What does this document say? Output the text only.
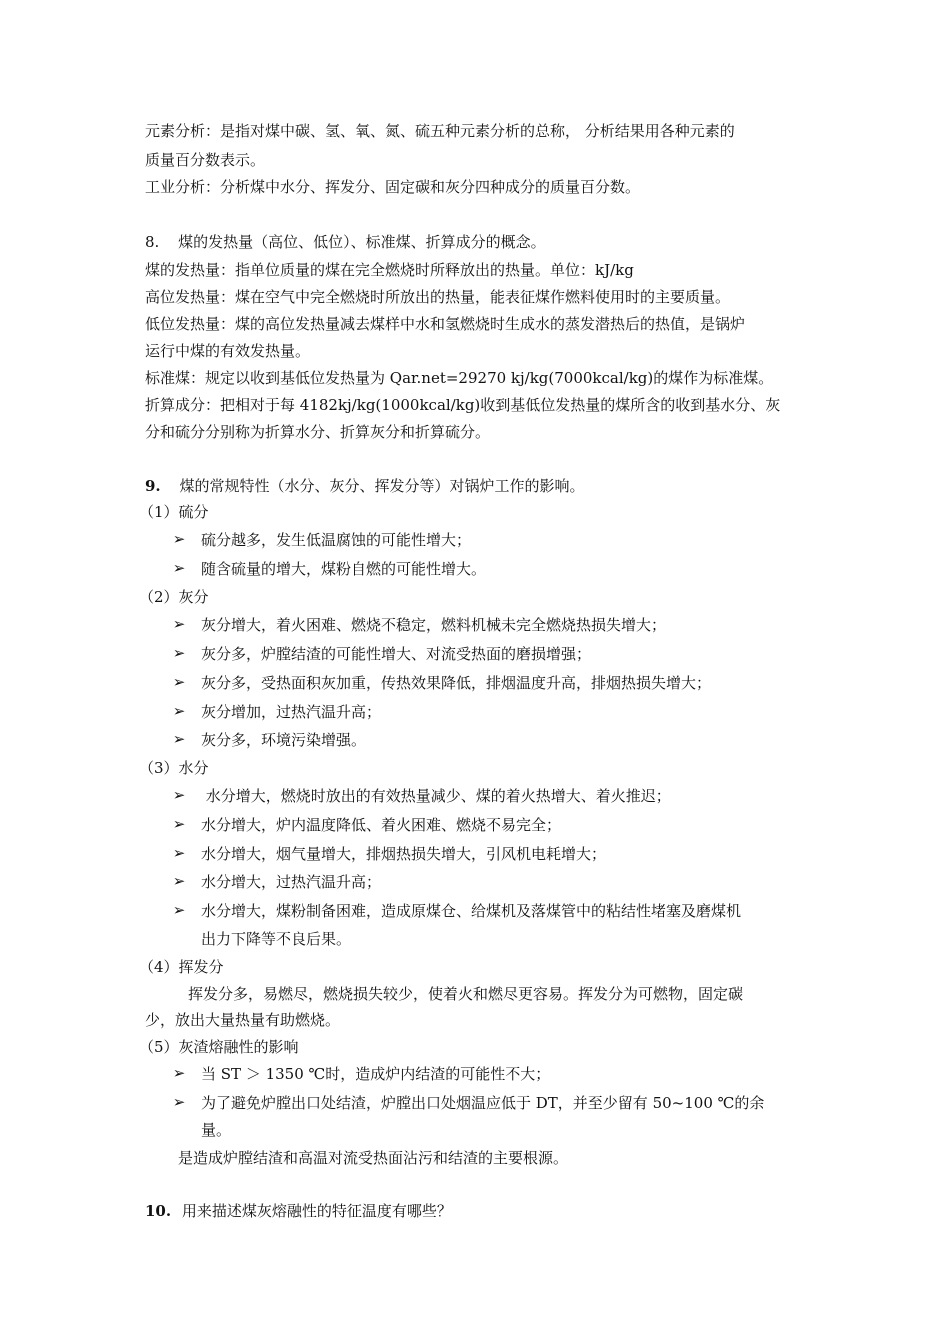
元素分析：是指对煤中碳、氢、氧、氮、硫五种元素分析的总称， 分析结果用各种元素的
质量百分数表示。
工业分析：分析煤中水分、挥发分、固定碳和灰分四种成分的质量百分数。
8. 煤的发热量（高位、低位）、标准煤、折算成分的概念。
煤的发热量：指单位质量的煤在完全燃烧时所释放出的热量。单位：kJ/kg
高位发热量：煤在空气中完全燃烧时所放出的热量，能表征煤作燃料使用时的主要质量。
低位发热量：煤的高位发热量减去煤样中水和氢燃烧时生成水的蒸发潜热后的热值，是锅炉
运行中煤的有效发热量。
标准煤：规定以收到基低位发热量为 Qar.net=29270 kj/kg(7000kcal/kg)的煤作为标准煤。
折算成分：把相对于每 4182kj/kg(1000kcal/kg)收到基低位发热量的煤所含的收到基水分、灰
分和硫分分别称为折算水分、折算灰分和折算硫分。
9. 煤的常规特性（水分、灰分、挥发分等）对锅炉工作的影响。
（1）硫分
➢ 硫分越多，发生低温腐蚀的可能性增大；
➢ 随含硫量的增大，煤粉自燃的可能性增大。
（2）灰分
➢ 灰分增大，着火困难、燃烧不稳定，燃料机械未完全燃烧热损失增大；
➢ 灰分多，炉膛结渣的可能性增大、对流受热面的磨损增强；
➢ 灰分多，受热面积灰加重，传热效果降低，排烟温度升高，排烟热损失增大；
➢ 灰分增加，过热汽温升高；
➢ 灰分多，环境污染增强。
（3）水分
➢ 水分增大，燃烧时放出的有效热量减少、煤的着火热增大、着火推迟；
➢ 水分增大，炉内温度降低、着火困难、燃烧不易完全；
➢ 水分增大，烟气量增大，排烟热损失增大，引风机电耗增大；
➢ 水分增大，过热汽温升高；
➢ 水分增大，煤粉制备困难，造成原煤仓、给煤机及落煤管中的粘结性堵塞及磨煤机
出力下降等不良后果。
（4）挥发分
挥发分多，易燃尽，燃烧损失较少，使着火和燃尽更容易。挥发分为可燃物，固定碳
少，放出大量热量有助燃烧。
（5）灰渣熔融性的影响
➢ 当 ST ＞ 1350 ℃时，造成炉内结渣的可能性不大；
➢ 为了避免炉膛出口处结渣，炉膛出口处烟温应低于 DT，并至少留有 50~100 ℃的余
量。
是造成炉膛结渣和高温对流受热面沾污和结渣的主要根源。
10. 用来描述煤灰熔融性的特征温度有哪些？
